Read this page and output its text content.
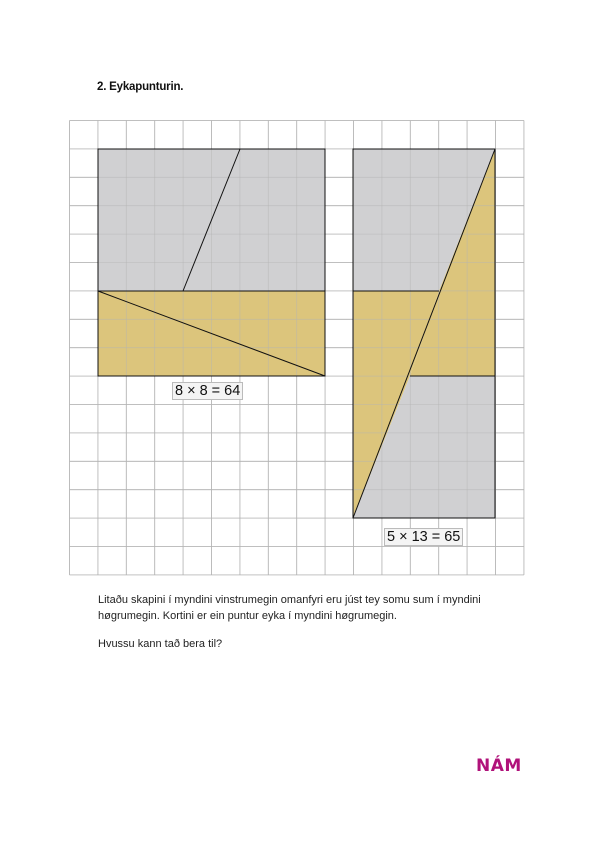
2. Eykapunturin.
8 × 8 = 64
5 × 13 = 65
Litaðu skapini í myndini vinstrumegin omanfyri eru júst tey somu sum í myndini høgrumegin. Kortini er ein puntur eyka í myndini høgrumegin.
Hvussu kann tað bera til?
NÁM
